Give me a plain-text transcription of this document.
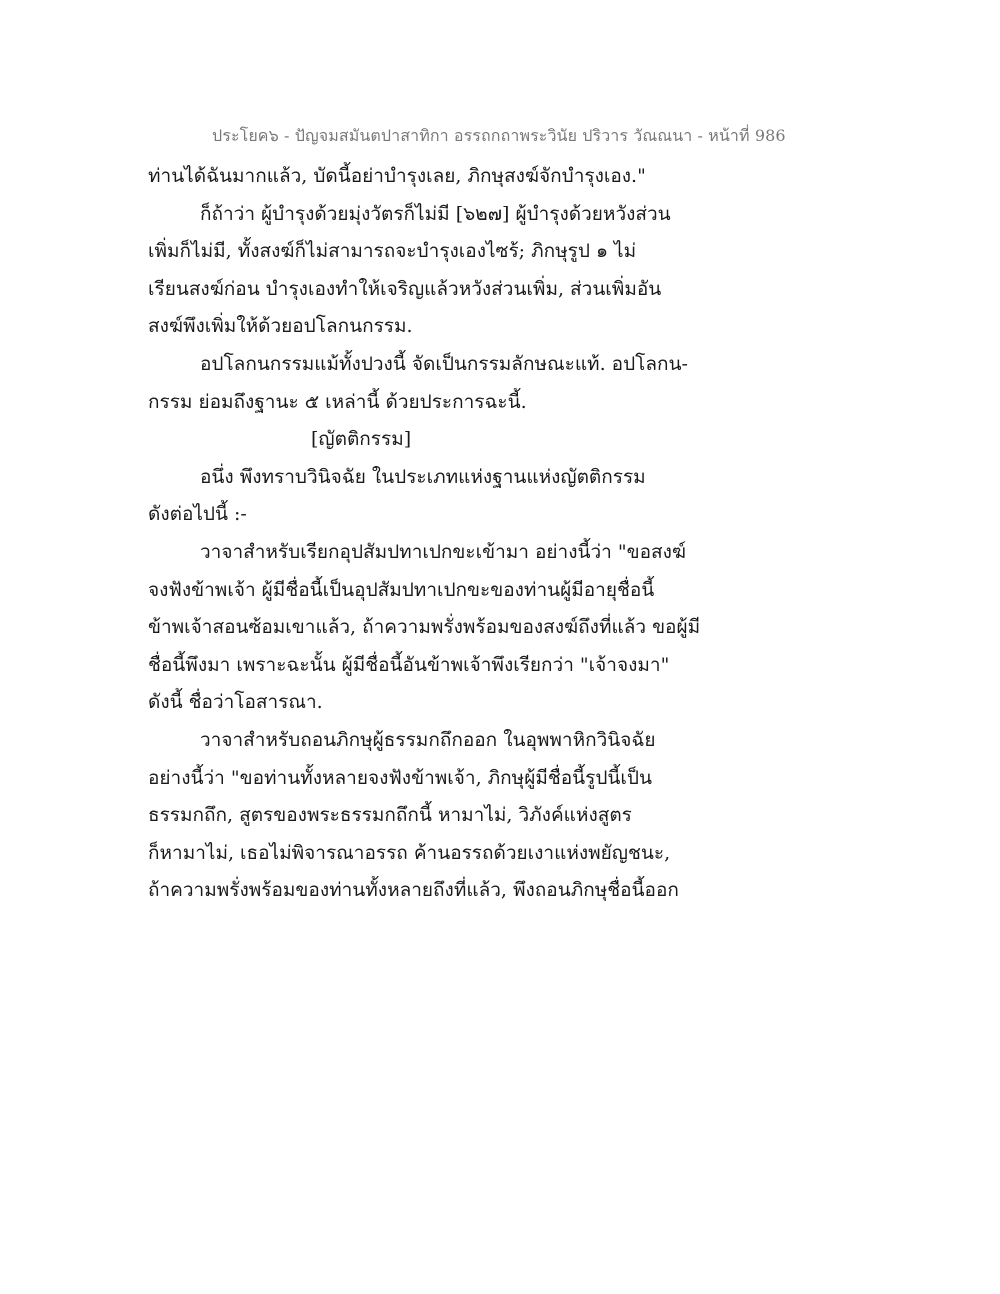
ประโยค๖ - ปัญจมสมันตปาสาทิกา อรรถกถาพระวินัย ปริวาร วัณณนา - หน้าที่ 986
ท่านได้ฉันมากแล้ว, บัดนี้อย่าบำรุงเลย, ภิกษุสงฆ์จักบำรุงเอง."
ก็ถ้าว่า ผู้บำรุงด้วยมุ่งวัตรก็ไม่มี [๖๒๗] ผู้บำรุงด้วยหวังส่วน
เพิ่มก็ไม่มี, ทั้งสงฆ์ก็ไม่สามารถจะบำรุงเองไซร้; ภิกษุรูป ๑ ไม่
เรียนสงฆ์ก่อน บำรุงเองทำให้เจริญแล้วหวังส่วนเพิ่ม, ส่วนเพิ่มอัน
สงฆ์พึงเพิ่มให้ด้วยอปโลกนกรรม.
อปโลกนกรรมแม้ทั้งปวงนี้ จัดเป็นกรรมลักษณะแท้. อปโลกน-
กรรม ย่อมถึงฐานะ ๕ เหล่านี้ ด้วยประการฉะนี้.
[ญัตติกรรม]
อนึ่ง พึงทราบวินิจฉัย ในประเภทแห่งฐานแห่งญัตติกรรม
ดังต่อไปนี้ :-
วาจาสำหรับเรียกอุปสัมปทาเปกขะเข้ามา อย่างนี้ว่า "ขอสงฆ์
จงฟังข้าพเจ้า ผู้มีชื่อนี้เป็นอุปสัมปทาเปกขะของท่านผู้มีอายุชื่อนี้
ข้าพเจ้าสอนซ้อมเขาแล้ว, ถ้าความพรั่งพร้อมของสงฆ์ถึงที่แล้ว ขอผู้มี
ชื่อนี้พึงมา เพราะฉะนั้น ผู้มีชื่อนี้อันข้าพเจ้าพึงเรียกว่า "เจ้าจงมา"
ดังนี้ ชื่อว่าโอสารณา.
วาจาสำหรับถอนภิกษุผู้ธรรมกถึกออก ในอุพพาหิกวินิจฉัย
อย่างนี้ว่า "ขอท่านทั้งหลายจงฟังข้าพเจ้า, ภิกษุผู้มีชื่อนี้รูปนี้เป็น
ธรรมกถึก, สูตรของพระธรรมกถึกนี้ หามาไม่, วิภังค์แห่งสูตร
ก็หามาไม่, เธอไม่พิจารณาอรรถ ค้านอรรถด้วยเงาแห่งพยัญชนะ,
ถ้าความพรั่งพร้อมของท่านทั้งหลายถึงที่แล้ว, พึงถอนภิกษุชื่อนี้ออก
